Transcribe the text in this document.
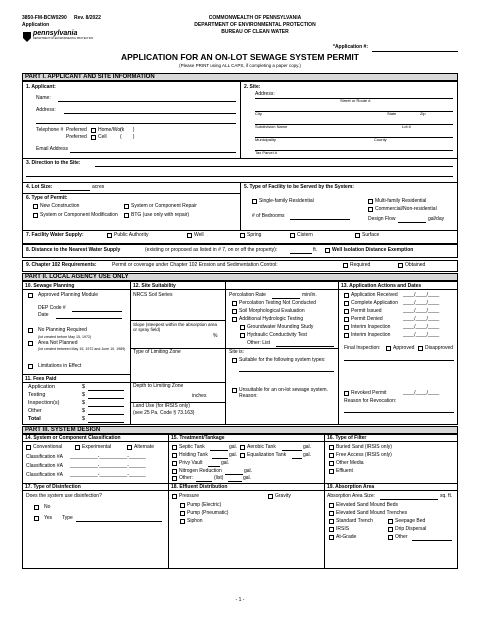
3850-FM-BCW0290 Rev. 8/2022
Application
pennsylvania
DEPARTMENT OF ENVIRONMENTAL PROTECTION
COMMONWEALTH OF PENNSYLVANIA
DEPARTMENT OF ENVIRONMENTAL PROTECTION
BUREAU OF CLEAN WATER
*Application #:
APPLICATION FOR AN ON-LOT SEWAGE SYSTEM PERMIT
(Please PRINT using ALL CAPS, if completing a paper copy.)
PART I. APPLICANT AND SITE INFORMATION
1. Applicant:
Name:
Address:
Telephone # Preferred Home/Work
(        )
Preferred Cell	(        )
Email Address
2. Site:
Address:
Street or Route #
City	State	Zip
Subdivision Name	Lot #
Municipality	County
Tax Parcel #
3. Direction to the Site:
4. Lot Size:	acres	5. Type of Facility to be Served by the System:
6. Type of Permit:
New Construction	System or Component Repair
System or Component Modification	BTG (use only with repair)
Single-family Residential	Multi-family Residential
Commercial/Non-residential
# of Bedrooms	Design Flow	gal/day
7. Facility Water Supply:	Public Authority	Well	Spring	Cistern	Surface
8. Distance to the Nearest Water Supply	(existing or proposed as listed in # 7, on or off the property):	ft.	Well Isolation Distance Exemption
9. Chapter 102 Requirements:	Permit or coverage under Chapter 102 Erosion and Sedimentation Control:	Required	Obtained
PART II. LOCAL AGENCY USE ONLY
10. Sewage Planning
Approved Planning Module
DEP Code #
Date
No Planning Required
(lot created before May 15, 1972)
Area Not Planned
(lot created between May 15, 1972 and June 10, 1989)
Limitations in Effect
11. Fees Paid
Application	$
Testing	$
Inspection(s)	$
Other	$
Total	$
12. Site Suitability
NRCS Soil Series
Slope (steepest within the absorption area or spray field)
%
Type of Limiting Zone
Depth to Limiting Zone
inches
Land Use (for IRSIS only)
(see 25 Pa. Code § 73.163)
Percolation Rate	min/in.
Percolation Testing Not Conducted
Soil Morphological Evaluation
Additional Hydrologic Testing
Groundwater Mounding Study
Hydraulic Conductivity Test
Other: List
Site is:
Suitable for the following system types:
Unsuitable for an on-lot sewage system. Reason:
13. Application Actions and Dates
Application Received ____/____/____
Complete Application ____/____/____
Permit Issued	____/____/____
Permit Denied	____/____/____
Interim Inspection	____/____/____
Interim Inspection	____/____/____
Final Inspection:	Approved Disapproved
Revoked Permit	____/____/____
Reason for Revocation:
PART III. SYSTEM DESIGN
14. System or Component Classification
Conventional	Experimental	Alternate
Classification #A __________-__________-______
Classification #A __________-__________-______
Classification #A __________-__________-______
15. Treatment/Tankage
Septic Tank	gal. Aerobic Tank	gal.
Holding Tank	gal. Equalization Tank	gal.
Privy Vault	gal.
Nitrogen Reduction	gal.
Other:	(list)	gal.
16. Type of Filter
Buried Sand (IRSIS only)
Free Access (IRSIS only)
Other Media
Effluent
17. Type of Disinfection
Does the system use disinfection?
No
Yes Type
18. Effluent Distribution
Pressure	Gravity
Pump (Electric)
Pump (Pneumatic)
Siphon
19. Absorption Area
Absorption Area Size:	sq. ft.
Elevated Sand Mound Beds
Elevated Sand Mound Trenches
Standard Trench	Seepage Bed
IRSIS	Drip Dispersal
At-Grade	Other
- 1 -
